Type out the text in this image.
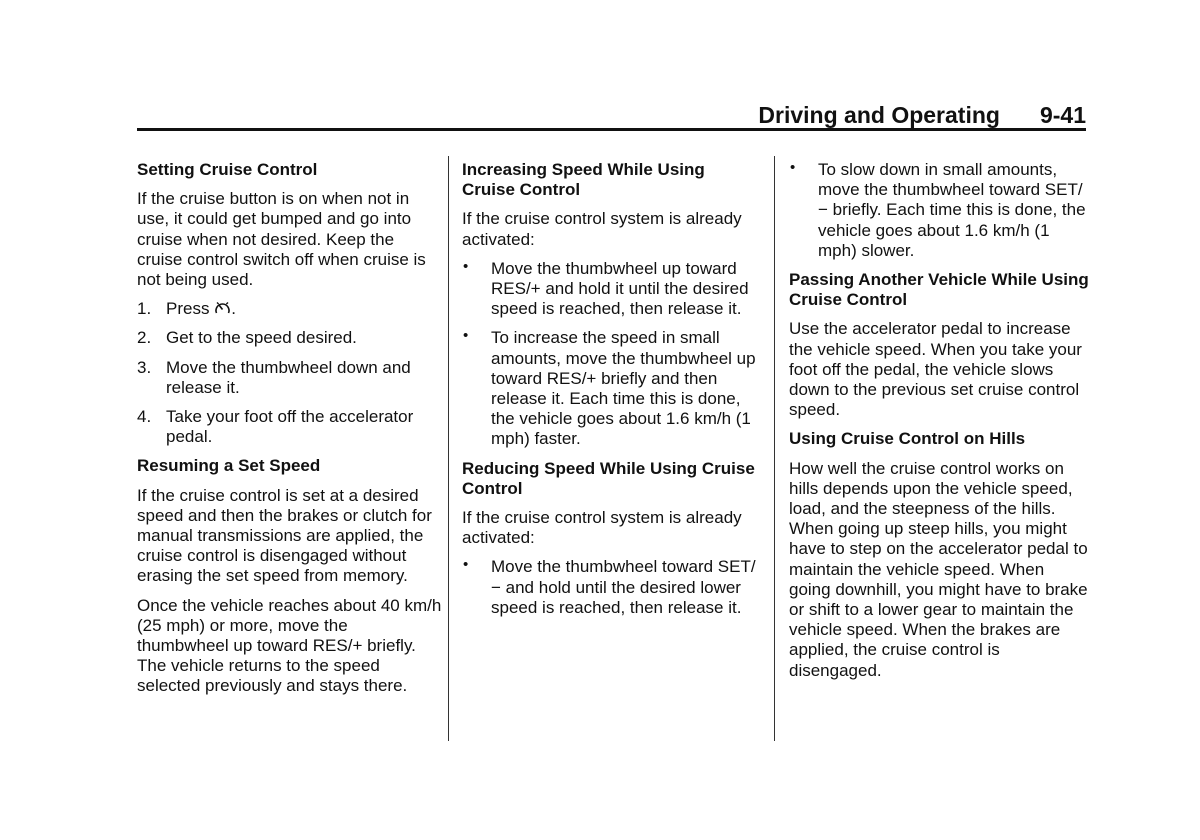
Driving and Operating 9-41
Setting Cruise Control

If the cruise button is on when not in use, it could get bumped and go into cruise when not desired. Keep the cruise control switch off when cruise is not being used.

1. Press .
2. Get to the speed desired.
3. Move the thumbwheel down and release it.
4. Take your foot off the accelerator pedal.
Resuming a Set Speed

If the cruise control is set at a desired speed and then the brakes or clutch for manual transmissions are applied, the cruise control is disengaged without erasing the set speed from memory.

Once the vehicle reaches about 40 km/h (25 mph) or more, move the thumbwheel up toward RES/+ briefly. The vehicle returns to the speed selected previously and stays there.

Increasing Speed While Using Cruise Control

If the cruise control system is already activated:

• Move the thumbwheel up toward RES/+ and hold it until the desired speed is reached, then release it.
• To increase the speed in small amounts, move the thumbwheel up toward RES/+ briefly and then release it. Each time this is done, the vehicle goes about 1.6 km/h (1 mph) faster.
Reducing Speed While Using Cruise Control

If the cruise control system is already activated:

• Move the thumbwheel toward SET/− and hold until the desired lower speed is reached, then release it.
• To slow down in small amounts, move the thumbwheel toward SET/− briefly. Each time this is done, the vehicle goes about 1.6 km/h (1 mph) slower.
Passing Another Vehicle While Using Cruise Control

Use the accelerator pedal to increase the vehicle speed. When you take your foot off the pedal, the vehicle slows down to the previous set cruise control speed.

Using Cruise Control on Hills

How well the cruise control works on hills depends upon the vehicle speed, load, and the steepness of the hills. When going up steep hills, you might have to step on the accelerator pedal to maintain the vehicle speed. When going downhill, you might have to brake or shift to a lower gear to maintain the vehicle speed. When the brakes are applied, the cruise control is disengaged.
